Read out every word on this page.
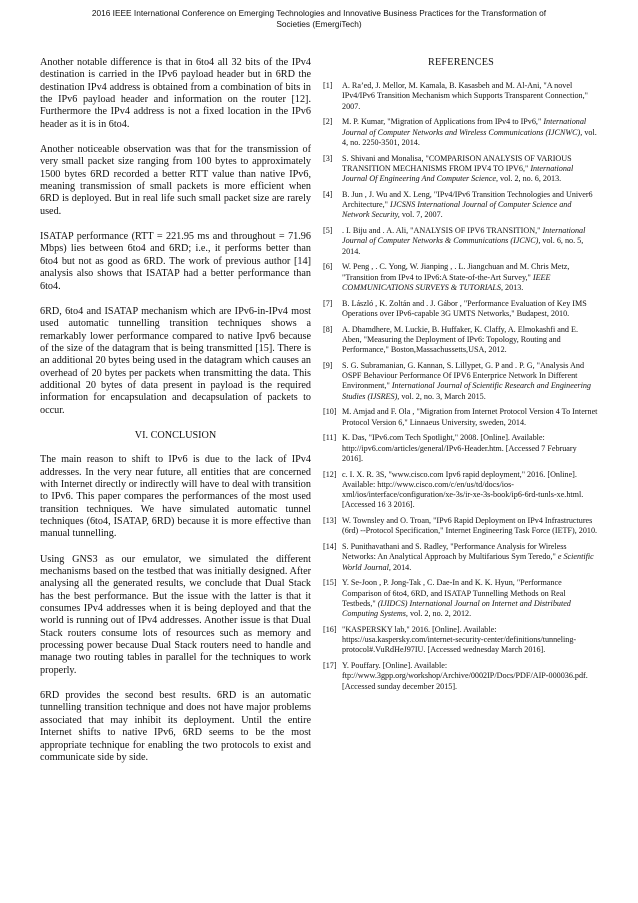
2016 IEEE International Conference on Emerging Technologies and Innovative Business Practices for the Transformation of
Societies (EmergiTech)

Another notable difference is that in 6to4 all 32 bits of the IPv4 destination is carried in the IPv6 payload header but in 6RD the destination IPv4 address is obtained from a combination of bits in the IPv6 payload header and information on the router [12]. Furthermore the IPv4 address is not a fixed location in the IPv6 header as it is in 6to4.

Another noticeable observation was that for the transmission of very small packet size ranging from 100 bytes to approximately 1500 bytes 6RD recorded a better RTT value than native IPv6, meaning transmission of small packets is more efficient when 6RD is deployed. But in real life such small packet size are rarely used.

ISATAP performance (RTT = 221.95 ms and throughout = 71.96 Mbps) lies between 6to4 and 6RD; i.e., it performs better than 6to4 but not as good as 6RD. The work of previous author [14] analysis also shows that ISATAP had a better performance than 6to4.

6RD, 6to4 and ISATAP mechanism which are IPv6-in-IPv4 most used automatic tunnelling transition techniques shows a remarkably lower performance compared to native Ipv6 because of the size of the datagram that is being transmitted [15]. There is an additional 20 bytes being used in the datagram which causes an overhead of 20 bytes per packets when transmitting the data. This additional 20 bytes of data present in payload is the required information for encapsulation and decapsulation of packets to occur.

VI. CONCLUSION

The main reason to shift to IPv6 is due to the lack of IPv4 addresses. In the very near future, all entities that are concerned with Internet directly or indirectly will have to deal with transition to IPv6. This paper compares the performances of the most used transition techniques. We have simulated automatic tunnel techniques (6to4, ISATAP, 6RD) because it is more effective than manual tunnelling.

Using GNS3 as our emulator, we simulated the different mechanisms based on the testbed that was initially designed. After analysing all the generated results, we conclude that Dual Stack has the best performance. But the issue with the latter is that it consumes IPv4 addresses when it is being deployed and that the world is running out of IPv4 addresses. Another issue is that Dual Stack routers consume lots of resources such as memory and processing power because Dual Stack routers need to handle and manage two routing tables in parallel for the techniques to work properly.

6RD provides the second best results. 6RD is an automatic tunnelling transition technique and does not have major problems associated that may inhibit its deployment. Until the entire Internet shifts to native IPv6, 6RD seems to be the most appropriate technique for enabling the two protocols to exist and communicate side by side.

REFERENCES
[1]	A. Ra’ed, J. Mellor, M. Kamala, B. Kasasbeh and M. Al-Ani, "A novel IPv4/IPv6 Transition Mechanism which Supports Transparent Connection," 2007.
[2]	M. P. Kumar, "Migration of Applications from IPv4 to IPv6," International Journal of Computer Networks and Wireless Communications (IJCNWC), vol. 4, no. 2250-3501, 2014.
[3]	S. Shivani and Monalisa, "COMPARISON ANALYSIS OF VARIOUS TRANSITION MECHANISMS FROM IPV4 TO IPV6," International Journal Of Engineering And Computer Science, vol. 2, no. 6, 2013.
[4]	B. Jun , J. Wu and X. Leng, "IPv4/IPv6 Transition Technologies and Univer6 Architecture," IJCSNS International Journal of Computer Science and Network Security, vol. 7, 2007.
[5]	. I. Biju and . A. Ali, "ANALYSIS OF IPV6 TRANSITION," International Journal of Computer Networks & Communications (IJCNC), vol. 6, no. 5, 2014.
[6]	W. Peng , . C. Yong, W. Jianping , . L. Jiangchuan and M. Chris Metz, "Transition from IPv4 to IPv6:A State-of-the-Art Survey," IEEE COMMUNICATIONS SURVEYS & TUTORIALS, 2013.
[7]	B. László , K. Zoltán and . J. Gábor , "Performance Evaluation of Key IMS Operations over IPv6-capable 3G UMTS Networks," Budapest, 2010.
[8]	A. Dhamdhere, M. Luckie, B. Huffaker, K. Claffy, A. Elmokashfi and E. Aben, "Measuring the Deployment of IPv6: Topology, Routing and Performance," Boston,Massachussetts,USA, 2012.
[9]	S. G. Subramanian, G. Kannan, S. Lillypet, G. P and . P. G, "Analysis And OSPF Behaviour Performance Of IPV6 Enterprice Network In Different Environment," International Journal of Scientific Research and Engineering Studies (IJSRES), vol. 2, no. 3, March 2015.
[10] M. Amjad and F. Ola , "Migration from Internet Protocol Version 4 To Internet Protocol Version 6," Linnaeus University, sweden, 2014.
[11] K. Das, "IPv6.com Tech Spotlight," 2008. [Online]. Available: http://ipv6.com/articles/general/IPv6-Header.htm. [Accessed 7 February 2016].
[12] c. I. X. R. 3S, "www.cisco.com Ipv6 rapid deployment," 2016. [Online]. Available: http://www.cisco.com/c/en/us/td/docs/ios-xml/ios/interface/configuration/xe-3s/ir-xe-3s-book/ip6-6rd-tunls-xe.html. [Accessed 16 3 2016].
[13] W. Townsley and O. Troan, "IPv6 Rapid Deployment on IPv4 Infrastructures (6rd) --Protocol Specification," Internet Engineering Task Force (IETF), 2010.
[14] S. Punithavathani and S. Radley, "Performance Analysis for Wireless Networks: An Analytical Approach by Multifarious Sym Teredo," e Scientific World Journal, 2014.
[15] Y. Se-Joon , P. Jong-Tak , C. Dae-In and K. K. Hyun, "Performance Comparison of 6to4, 6RD, and ISATAP Tunnelling Methods on Real Testbeds," (IJIDCS) International Journal on Internet and Distributed Computing Systems, vol. 2, no. 2, 2012.
[16] "KASPERSKY lab," 2016. [Online]. Available: https://usa.kaspersky.com/internet-security-center/definitions/tunneling-protocol#.VuRdHeJ97IU. [Accessed wednesday March 2016].
[17] Y. Pouffary. [Online]. Available: ftp://www.3gpp.org/workshop/Archive/0002IP/Docs/PDF/AIP-000036.pdf. [Accessed sunday december 2015].
